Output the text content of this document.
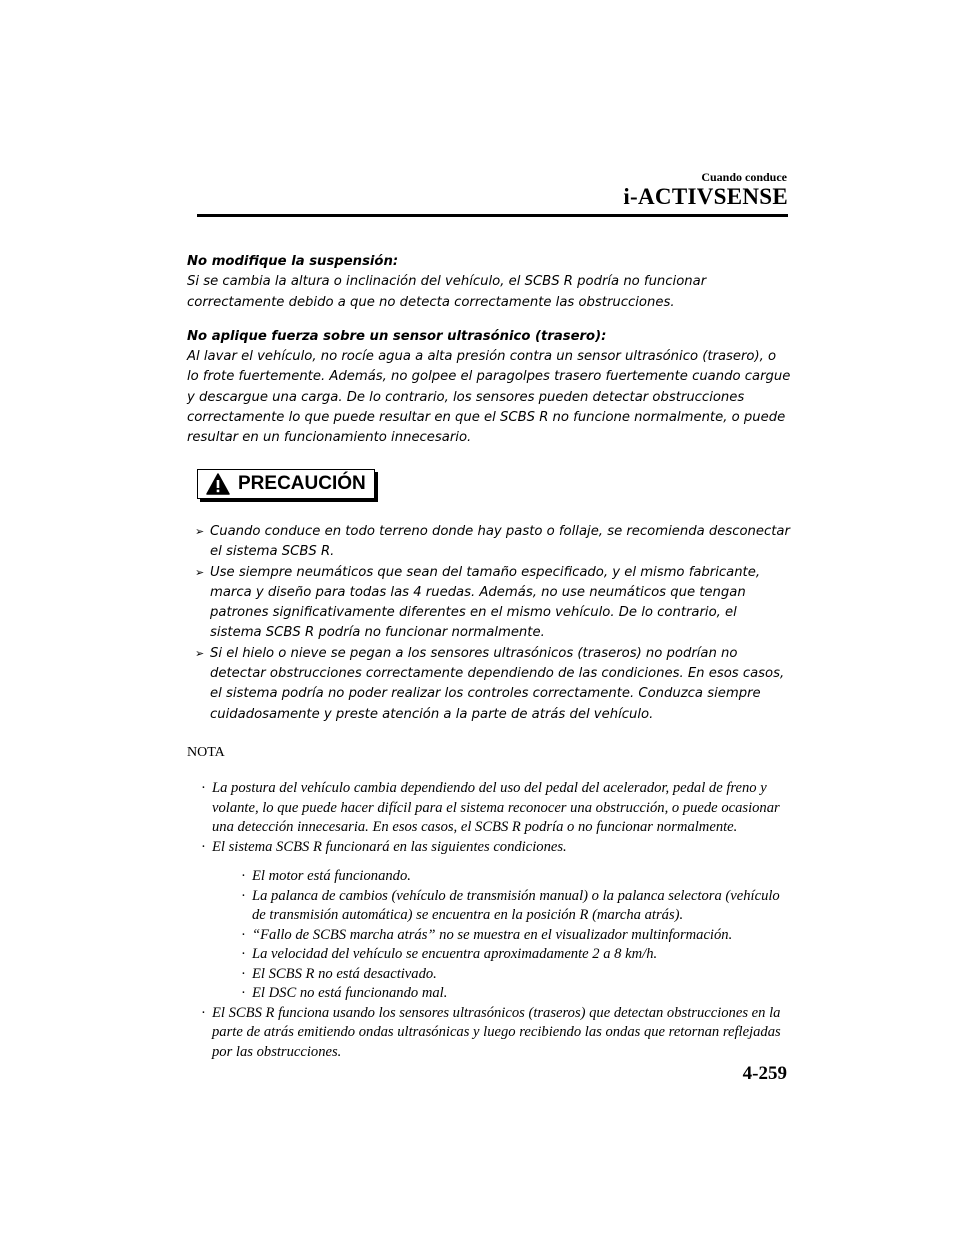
Cuando conduce
i-ACTIVSENSE

No modifique la suspensión:

Si se cambia la altura o inclinación del vehículo, el SCBS R podría no funcionar correctamente debido a que no detecta correctamente las obstrucciones.

No aplique fuerza sobre un sensor ultrasónico (trasero):

Al lavar el vehículo, no rocíe agua a alta presión contra un sensor ultrasónico (trasero), o lo frote fuertemente. Además, no golpee el paragolpes trasero fuertemente cuando cargue y descargue una carga. De lo contrario, los sensores pueden detectar obstrucciones correctamente lo que puede resultar en que el SCBS R no funcione normalmente, o puede resultar en un funcionamiento innecesario.

PRECAUCIÓN
➢ Cuando conduce en todo terreno donde hay pasto o follaje, se recomienda desconectar el sistema SCBS R.
➢ Use siempre neumáticos que sean del tamaño especificado, y el mismo fabricante, marca y diseño para todas las 4 ruedas. Además, no use neumáticos que tengan patrones significativamente diferentes en el mismo vehículo. De lo contrario, el sistema SCBS R podría no funcionar normalmente.
➢ Si el hielo o nieve se pegan a los sensores ultrasónicos (traseros) no podrían no detectar obstrucciones correctamente dependiendo de las condiciones. En esos casos, el sistema podría no poder realizar los controles correctamente. Conduzca siempre cuidadosamente y preste atención a la parte de atrás del vehículo.
NOTA
· La postura del vehículo cambia dependiendo del uso del pedal del acelerador, pedal de freno y volante, lo que puede hacer difícil para el sistema reconocer una obstrucción, o puede ocasionar una detección innecesaria. En esos casos, el SCBS R podría o no funcionar normalmente.
· El sistema SCBS R funcionará en las siguientes condiciones.
· El motor está funcionando.
· La palanca de cambios (vehículo de transmisión manual) o la palanca selectora (vehículo de transmisión automática) se encuentra en la posición R (marcha atrás).
· “Fallo de SCBS marcha atrás” no se muestra en el visualizador multinformación.
· La velocidad del vehículo se encuentra aproximadamente 2 a 8 km/h.
· El SCBS R no está desactivado.
· El DSC no está funcionando mal.
· El SCBS R funciona usando los sensores ultrasónicos (traseros) que detectan obstrucciones en la parte de atrás emitiendo ondas ultrasónicas y luego recibiendo las ondas que retornan reflejadas por las obstrucciones.
4-259
